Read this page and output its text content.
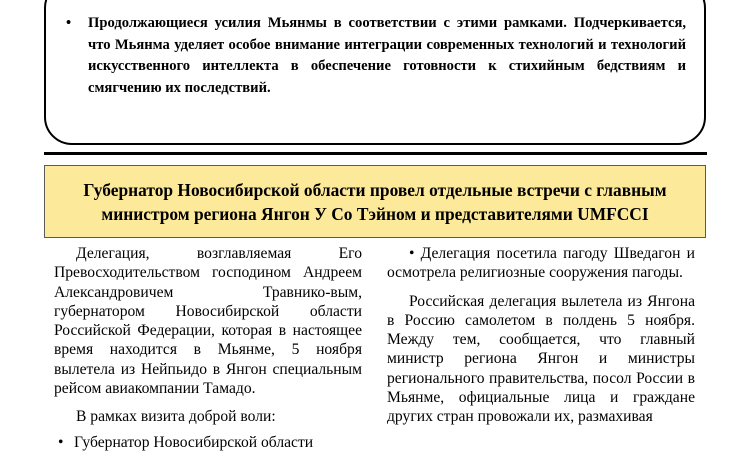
• Продолжающиеся усилия Мьянмы в соответствии с этими рамками. Подчеркивается, что Мьянма уделяет особое внимание интеграции современных технологий и технологий искусственного интеллекта в обеспечение готовности к стихийным бедствиям и смягчению их последствий.
Губернатор Новосибирской области провел отдельные встречи с главным
министром региона Янгон У Со Тэйном и представителями UMFCCI

Делегация, возглавляемая Его Превосходительством господином Андреем Александровичем Травнико-вым, губернатором Новосибирской области Российской Федерации, которая в настоящее время находится в Мьянме, 5 ноября вылетела из Нейпьидо в Янгон специальным рейсом авиакомпании Тамадо.

В рамках визита доброй воли:

• Губернатор Новосибирской области

• Делегация посетила пагоду Шведагон и осмотрела религиозные сооружения пагоды.

Российская делегация вылетела из Янгона в Россию самолетом в полдень 5 ноября. Между тем, сообщается, что главный министр региона Янгон и министры регионального правительства, посол России в Мьянме, официальные лица и граждане других стран провожали их, размахивая
